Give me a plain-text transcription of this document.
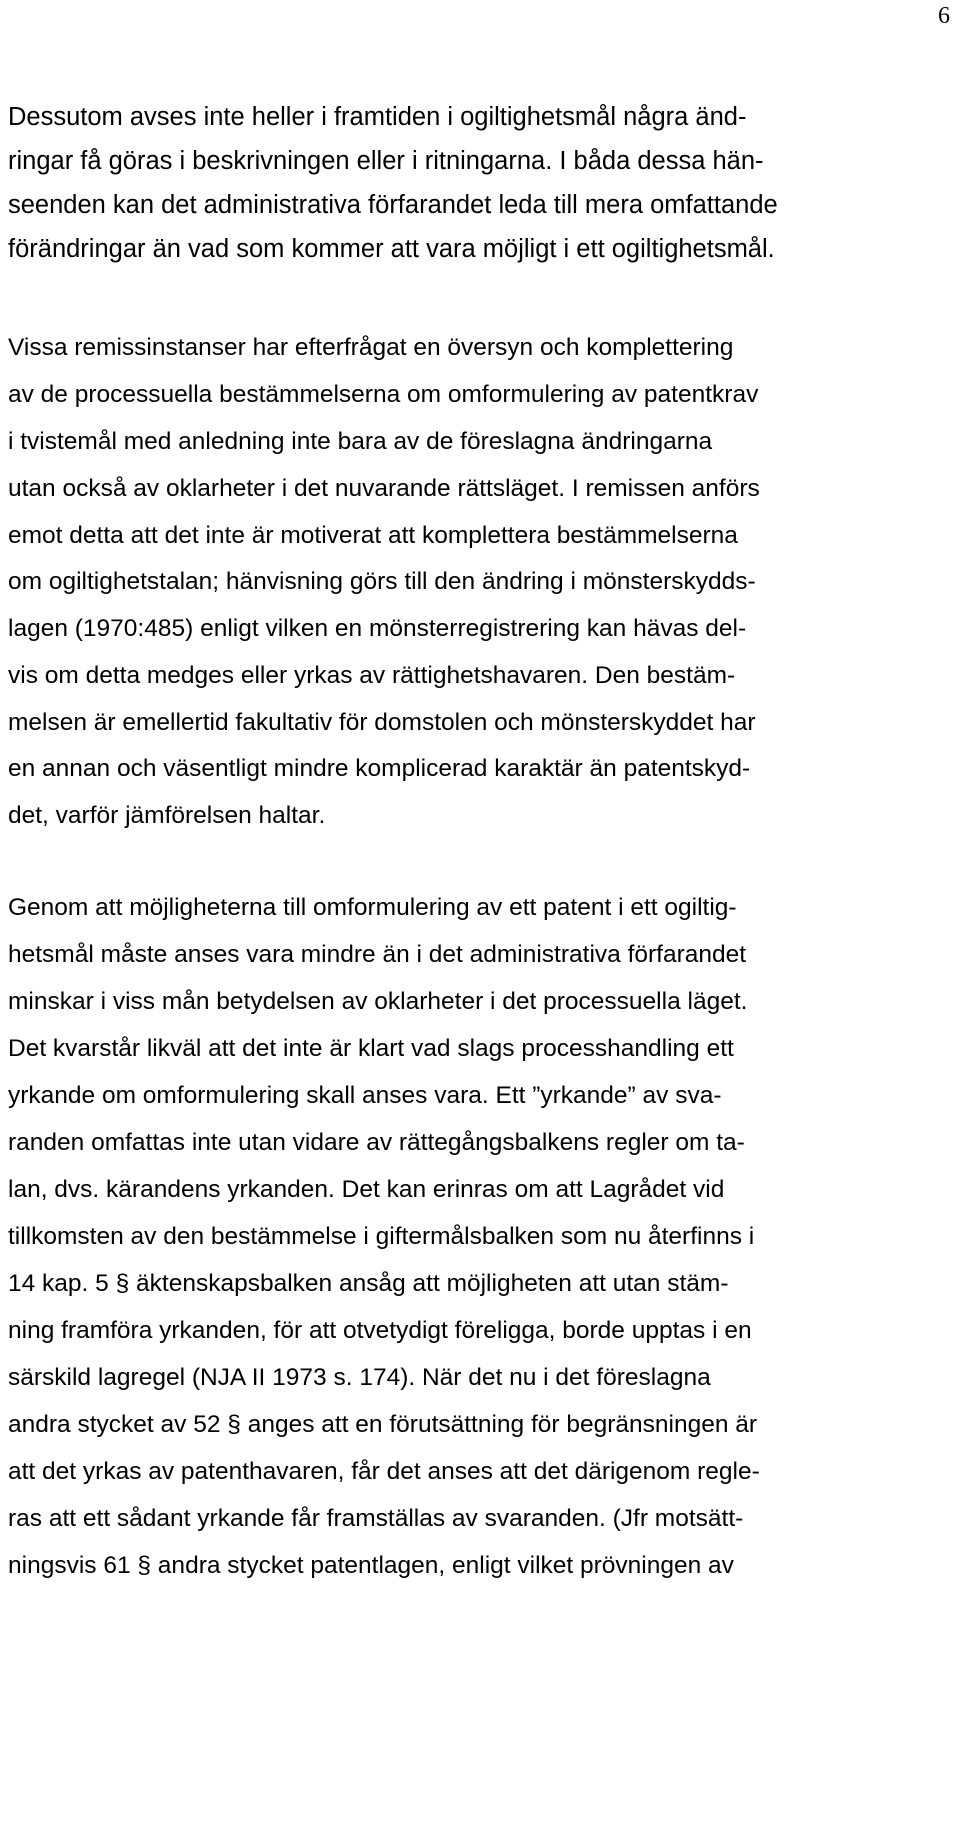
6
Dessutom avses inte heller i framtiden i ogiltighetsmål några änd-
ringar få göras i beskrivningen eller i ritningarna. I båda dessa hän-
seenden kan det administrativa förfarandet leda till mera omfattande
förändringar än vad som kommer att vara möjligt i ett ogiltighetsmål.
Vissa remissinstanser har efterfrågat en översyn och komplettering
av de processuella bestämmelserna om omformulering av patentkrav
i tvistemål med anledning inte bara av de föreslagna ändringarna
utan också av oklarheter i det nuvarande rättsläget. I remissen anförs
emot detta att det inte är motiverat att komplettera bestämmelserna
om ogiltighetstalan; hänvisning görs till den ändring i mönsterskydds-
lagen (1970:485) enligt vilken en mönsterregistrering kan hävas del-
vis om detta medges eller yrkas av rättighetshavaren. Den bestäm-
melsen är emellertid fakultativ för domstolen och mönsterskyddet har
en annan och väsentligt mindre komplicerad karaktär än patentskyd-
det, varför jämförelsen haltar.
Genom att möjligheterna till omformulering av ett patent i ett ogiltig-
hetsmål måste anses vara mindre än i det administrativa förfarandet
minskar i viss mån betydelsen av oklarheter i det processuella läget.
Det kvarstår likväl att det inte är klart vad slags processhandling ett
yrkande om omformulering skall anses vara. Ett ”yrkande” av sva-
randen omfattas inte utan vidare av rättegångsbalkens regler om ta-
lan, dvs. kärandens yrkanden. Det kan erinras om att Lagrådet vid
tillkomsten av den bestämmelse i giftermålsbalken som nu återfinns i
14 kap. 5 § äktenskapsbalken ansåg att möjligheten att utan stäm-
ning framföra yrkanden, för att otvetydigt föreligga, borde upptas i en
särskild lagregel (NJA II 1973 s. 174). När det nu i det föreslagna
andra stycket av 52 § anges att en förutsättning för begränsningen är
att det yrkas av patenthavaren, får det anses att det därigenom regle-
ras att ett sådant yrkande får framställas av svaranden. (Jfr motsätt-
ningsvis 61 § andra stycket patentlagen, enligt vilket prövningen av
